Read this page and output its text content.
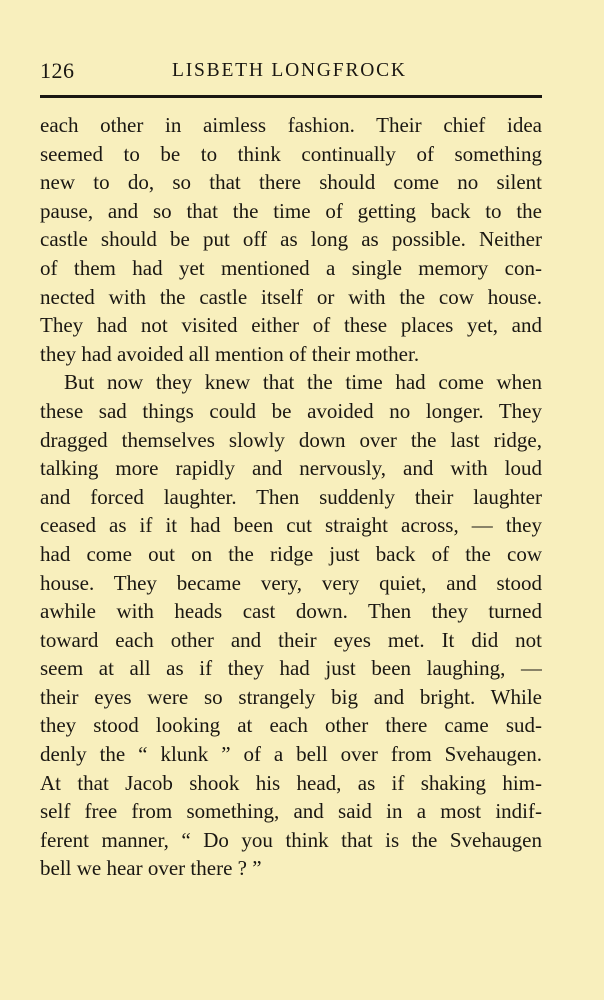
126	LISBETH LONGFROCK
each other in aimless fashion. Their chief idea
seemed to be to think continually of something
new to do, so that there should come no silent
pause, and so that the time of getting back to the
castle should be put off as long as possible. Neither
of them had yet mentioned a single memory con-
nected with the castle itself or with the cow house.
They had not visited either of these places yet, and
they had avoided all mention of their mother.
But now they knew that the time had come when
these sad things could be avoided no longer. They
dragged themselves slowly down over the last ridge,
talking more rapidly and nervously, and with loud
and forced laughter. Then suddenly their laughter
ceased as if it had been cut straight across, — they
had come out on the ridge just back of the cow
house. They became very, very quiet, and stood
awhile with heads cast down. Then they turned
toward each other and their eyes met. It did not
seem at all as if they had just been laughing, —
their eyes were so strangely big and bright. While
they stood looking at each other there came sud-
denly the “ klunk ” of a bell over from Svehaugen.
At that Jacob shook his head, as if shaking him-
self free from something, and said in a most indif-
ferent manner, “ Do you think that is the Svehaugen
bell we hear over there ? ”
